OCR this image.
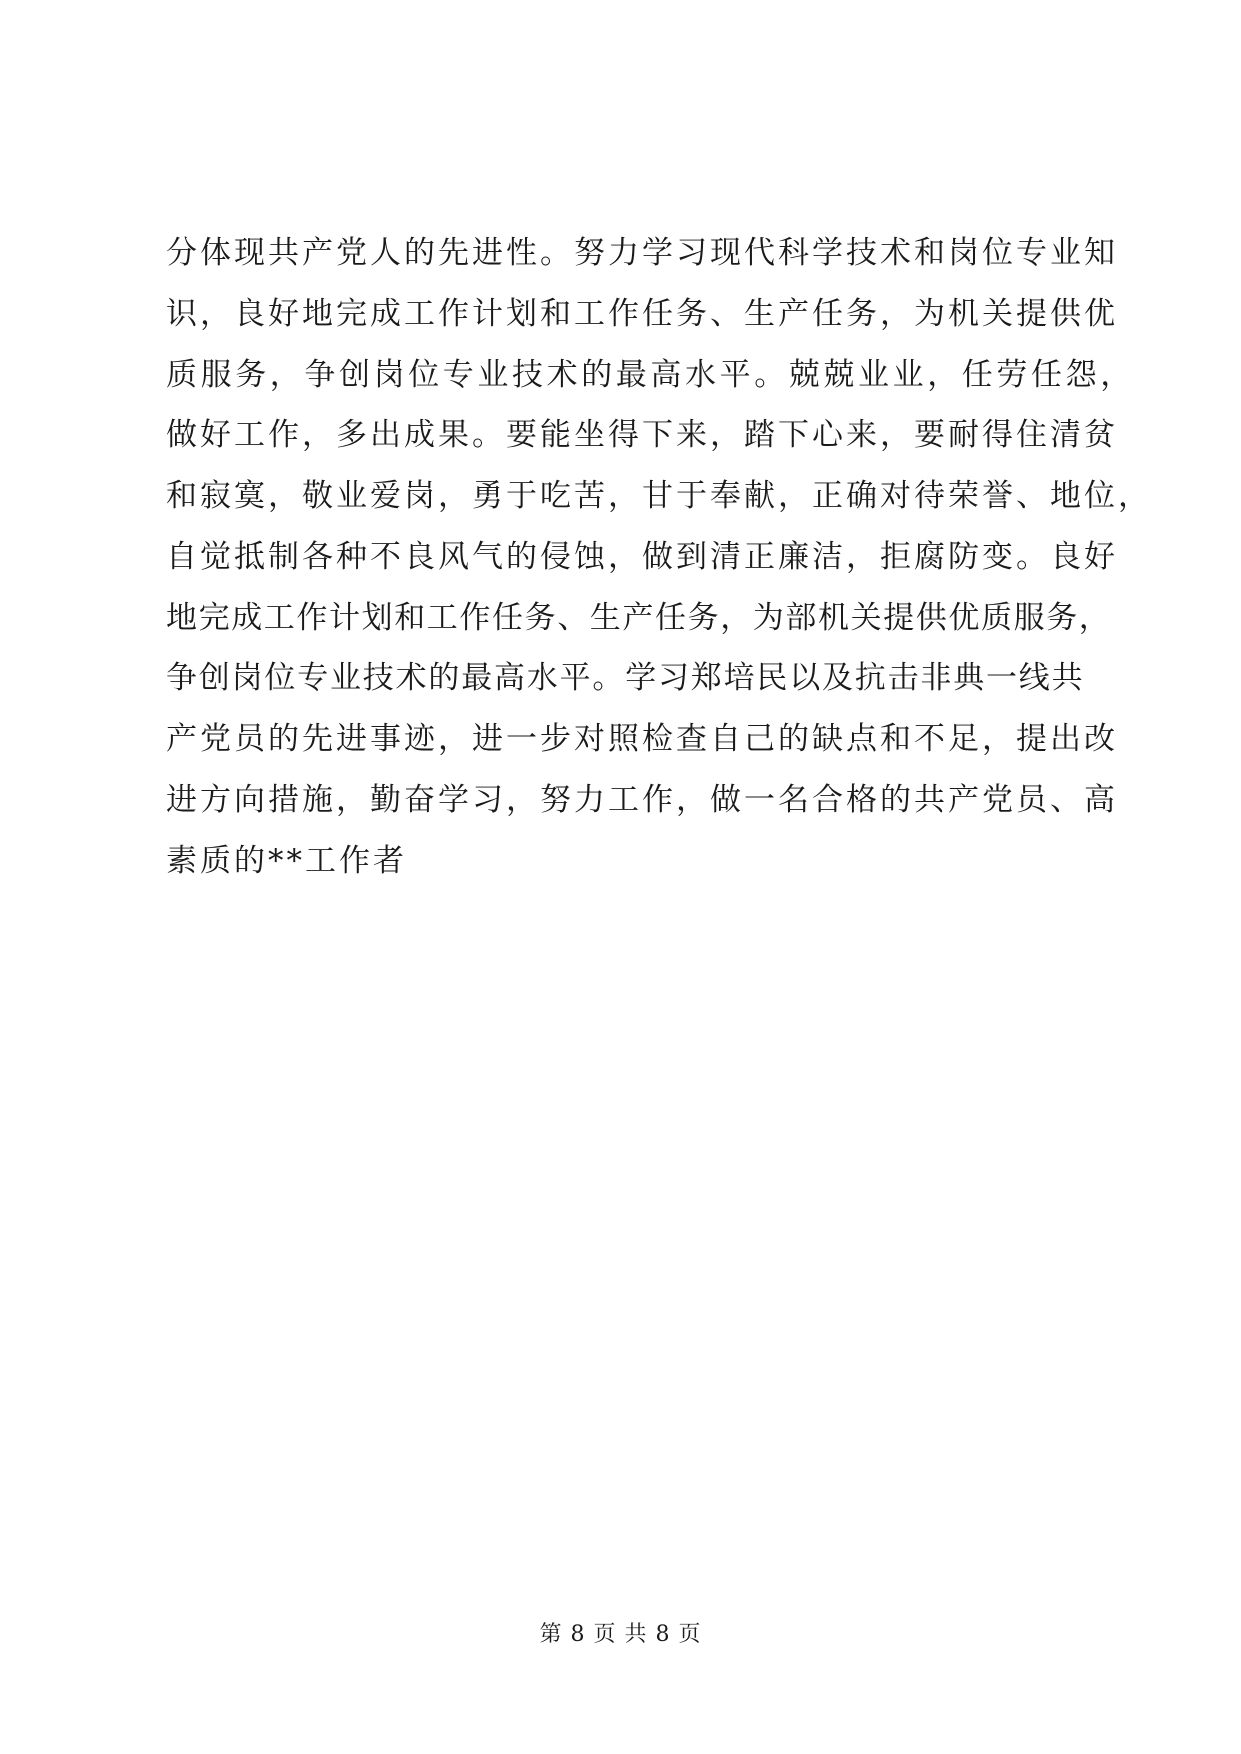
分体现共产党人的先进性。努力学习现代科学技术和岗位专业知
识，良好地完成工作计划和工作任务、生产任务，为机关提供优
质服务，争创岗位专业技术的最高水平。兢兢业业，任劳任怨，
做好工作，多出成果。要能坐得下来，踏下心来，要耐得住清贫
和寂寞，敬业爱岗，勇于吃苦，甘于奉献，正确对待荣誉、地位，
自觉抵制各种不良风气的侵蚀，做到清正廉洁，拒腐防变。良好
地完成工作计划和工作任务、生产任务，为部机关提供优质服务，
争创岗位专业技术的最高水平。学习郑培民以及抗击非典一线共
产党员的先进事迹，进一步对照检查自己的缺点和不足，提出改
进方向措施，勤奋学习，努力工作，做一名合格的共产党员、高
素质的**工作者
第 8 页 共 8 页
